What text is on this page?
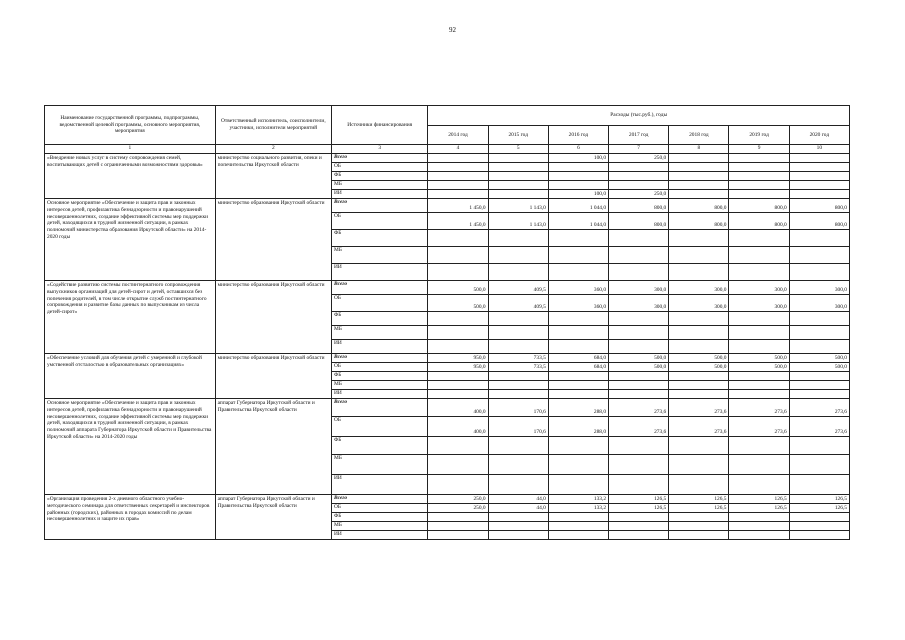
92
Наименование государственной программы, подпрограммы, ведомственной целевой программы, основного мероприятия, мероприятия	Ответственный исполнитель, соисполнители, участники, исполнители мероприятий	Источники финансирования	Расходы (тыс.руб.), годы						
			2014 год	2015 год	2016 год	2017 год	2018 год	2019 год	2020 год
1	2	3	4	5	6	7	8	9	10
«Внедрение новых услуг в систему сопровождения семей, воспитывающих детей с ограниченными возможностями здоровья»	министерство социального развития, опеки и попечительства Иркутской области	Всего			100,0	250,0			
		ОБ							
		ФБ							
		МБ							
		ИИ			100,0	250,0			
Основное мероприятие «Обеспечение и защита прав и законных интересов детей, профилактика безнадзорности и правонарушений несовершеннолетних, создание эффективной системы мер поддержки детей, находящихся в трудной жизненной ситуации, в рамках полномочий министерства образования Иркутской области» на 2014-2020 годы	министерство образования Иркутской области	Всего	1 450,0	1 143,0	1 044,0	800,0	800,0	800,0	800,0
		ОБ	1 450,0	1 143,0	1 044,0	800,0	800,0	800,0	800,0
		ФБ							
		МБ							
		ИИ							
«Содействие развитию системы постинтернатного сопровождения выпускников организаций для детей-сирот и детей, оставшихся без попечения родителей, в том числе открытие служб постинтернатного сопровождения и развитие базы данных по выпускникам из числа детей-сирот»	министерство образования Иркутской области	Всего	500,0	409,5	360,0	300,0	300,0	300,0	300,0
		ОБ	500,0	409,5	360,0	300,0	300,0	300,0	300,0
		ФБ							
		МБ							
		ИИ							
«Обеспечение условий для обучения детей с умеренной и глубокой умственной отсталостью в образовательных организациях»	министерство образования Иркутской области	Всего	950,0	733,5	684,0	500,0	500,0	500,0	500,0
		ОБ	950,0	733,5	684,0	500,0	500,0	500,0	500,0
		ФБ							
		МБ							
		ИИ							
Основное мероприятие «Обеспечение и защита прав и законных интересов детей, профилактика безнадзорности и правонарушений несовершеннолетних, создание эффективной системы мер поддержки детей, находящихся в трудной жизненной ситуации, в рамках полномочий аппарата Губернатора Иркутской области и Правительства Иркутской области» на 2014-2020 годы	аппарат Губернатора Иркутской области и Правительства Иркутской области	Всего	400,0	170,6	288,0	273,6	273,6	273,6	273,6
		ОБ	400,0	170,6	288,0	273,6	273,6	273,6	273,6
		ФБ							
		МБ							
		ИИ							
«Организация проведения 2-х дневного областного учебно-методического семинара для ответственных секретарей и инспекторов районных (городских), районных в городах комиссий по делам несовершеннолетних и защите их прав»	аппарат Губернатора Иркутской области и Правительства Иркутской области	Всего	250,0	44,0	133,2	126,5	126,5	126,5	126,5
		ОБ	250,0	44,0	133,2	126,5	126,5	126,5	126,5
		ФБ							
		МБ							
		ИИ							
